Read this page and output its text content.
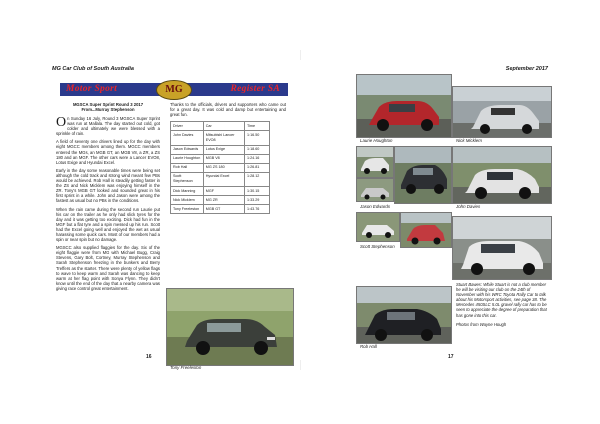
MG Car Club of South Australia
Motor Sport	MG	Register SA

MGSCA Super Sprint Round 3 2017
From...Murray Stephenson

On Sunday 16 July, Round 3 MGSCA Super Sprint was run at Mallala. The day started out cold, got colder and ultimately we were blessed with a sprinkle of rain.

A field of seventy one drivers lined up for the day with eight MGCC members among them. MGCC members entered the MGs, an MGB GT, an MGB V8, a ZR, a ZS 180 and an MGF. The other cars were a Lancer EVO8, Lotus Exige and Hyundai Excel.

Early in the day some reasonable times were being set although the cold track and strong wind meant few PBs would be achieved. Rob Hall is steadily getting faster in the ZS and Nick Micklem was enjoying himself in the ZR. Tony’s MGB GT looked and sounded great in his first sprint in a while. John and Jason were among the fastest as usual but no PBs in the conditions.

When the rain came during the second run Laurie put his car on the trailer as he only had slick tyres for the day and it was getting too exciting. Dick had fun in the MGF but a flat tyre and a spin messed up his run. Scott had the Excel going well and enjoyed the wet as usual harassing some quick cars. Most of our members had a spin or near spin but no damage.

MGSCC also supplied flaggies for the day. Six of the eight flaggie were from MG with Michael Bugg, Craig Stevens, Gary Bolt, Cortney, Murray Stephenson and Sarah Stephenson freezing in the bunkers and Berry Treffers as the starter. There were plenty of yellow flags to wave to keep warm and Sarah was dancing to keep warm at her flag point with Sonya Flynn. They didn’t know until the end of the day that a nearby camera was giving race control great entertainment.

Thanks to the officials, drivers and supporters who came out for a great day. It was cold and damp but entertaining and great fun.

Driver	Car	Time
John Davies	Mitsubishi Lancer EVO8	1:16.50
Jason Edwards	Lotus Exige	1:18.60
Laurie Houghton	MGB V8	1:24.16
Rob Hall	MG ZS 180	1:26.81
Scott Stephenson	Hyundai Excel	1:28.12
Dick Manning	MGF	1:30.15
Nick Micklem	MG ZR	1:33.29
Tony Freeleston	MGB GT	1:43.76
Tony Freeleston
16
September 2017
Laurie Houghton	Nick Micklem
Jason Edwards	John Davies
Scott Stephenson
Rob Hall
Stuart Bawes: While Stuart is not a club member he will be visiting our club on the 24th of November with his WRC Toyota Rally Car to talk about his Motorsport activities, see page 38. The Mercedes 450SLC 5.0L gravel rally car has to be seen to appreciate the degree of preparation that has gone into this car.
Photos from Wayne Hough
17
